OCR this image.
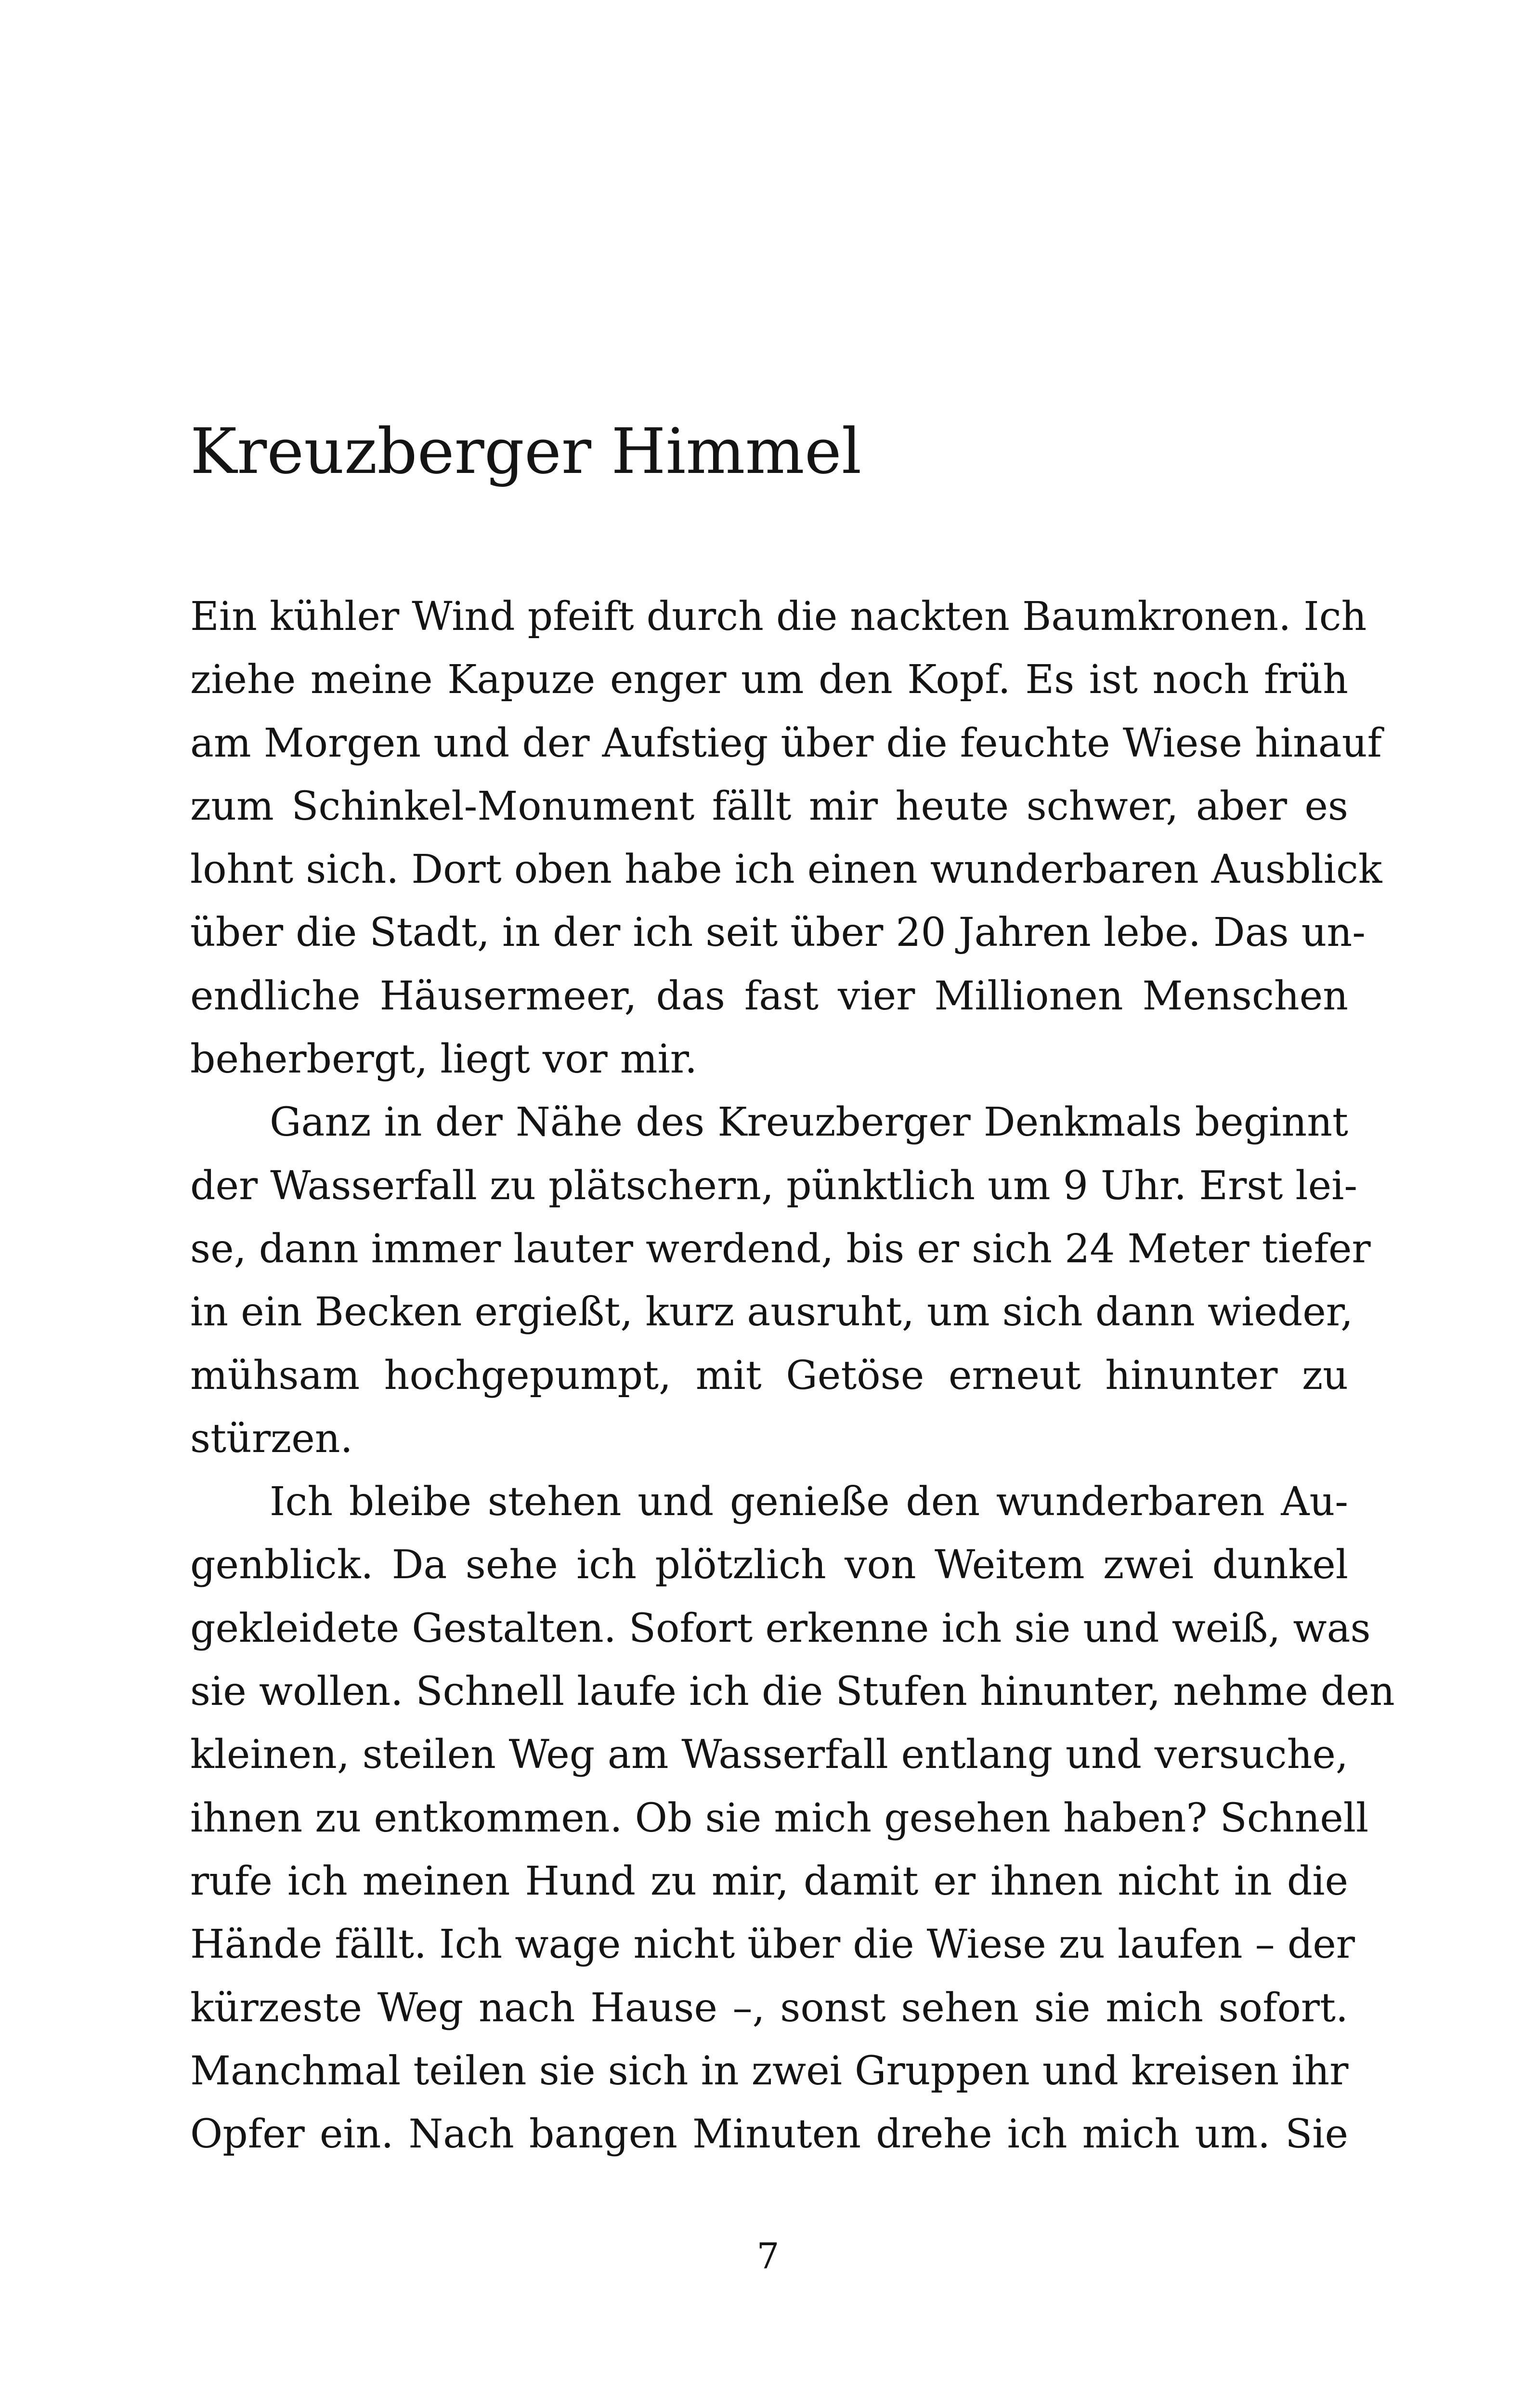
Kreuzberger Himmel
Ein kühler Wind pfeift durch die nackten Baumkronen. Ich
ziehe meine Kapuze enger um den Kopf. Es ist noch früh
am Morgen und der Aufstieg über die feuchte Wiese hinauf
zum Schinkel-Monument fällt mir heute schwer, aber es
lohnt sich. Dort oben habe ich einen wunderbaren Ausblick
über die Stadt, in der ich seit über 20 Jahren lebe. Das un-
endliche Häusermeer, das fast vier Millionen Menschen
beherbergt, liegt vor mir.
Ganz in der Nähe des Kreuzberger Denkmals beginnt
der Wasserfall zu plätschern, pünktlich um 9 Uhr. Erst lei-
se, dann immer lauter werdend, bis er sich 24 Meter tiefer
in ein Becken ergießt, kurz ausruht, um sich dann wieder,
mühsam hochgepumpt, mit Getöse erneut hinunter zu
stürzen.
Ich bleibe stehen und genieße den wunderbaren Au-
genblick. Da sehe ich plötzlich von Weitem zwei dunkel
gekleidete Gestalten. Sofort erkenne ich sie und weiß, was
sie wollen. Schnell laufe ich die Stufen hinunter, nehme den
kleinen, steilen Weg am Wasserfall entlang und versuche,
ihnen zu entkommen. Ob sie mich gesehen haben? Schnell
rufe ich meinen Hund zu mir, damit er ihnen nicht in die
Hände fällt. Ich wage nicht über die Wiese zu laufen – der
kürzeste Weg nach Hause –, sonst sehen sie mich sofort.
Manchmal teilen sie sich in zwei Gruppen und kreisen ihr
Opfer ein. Nach bangen Minuten drehe ich mich um. Sie

7
